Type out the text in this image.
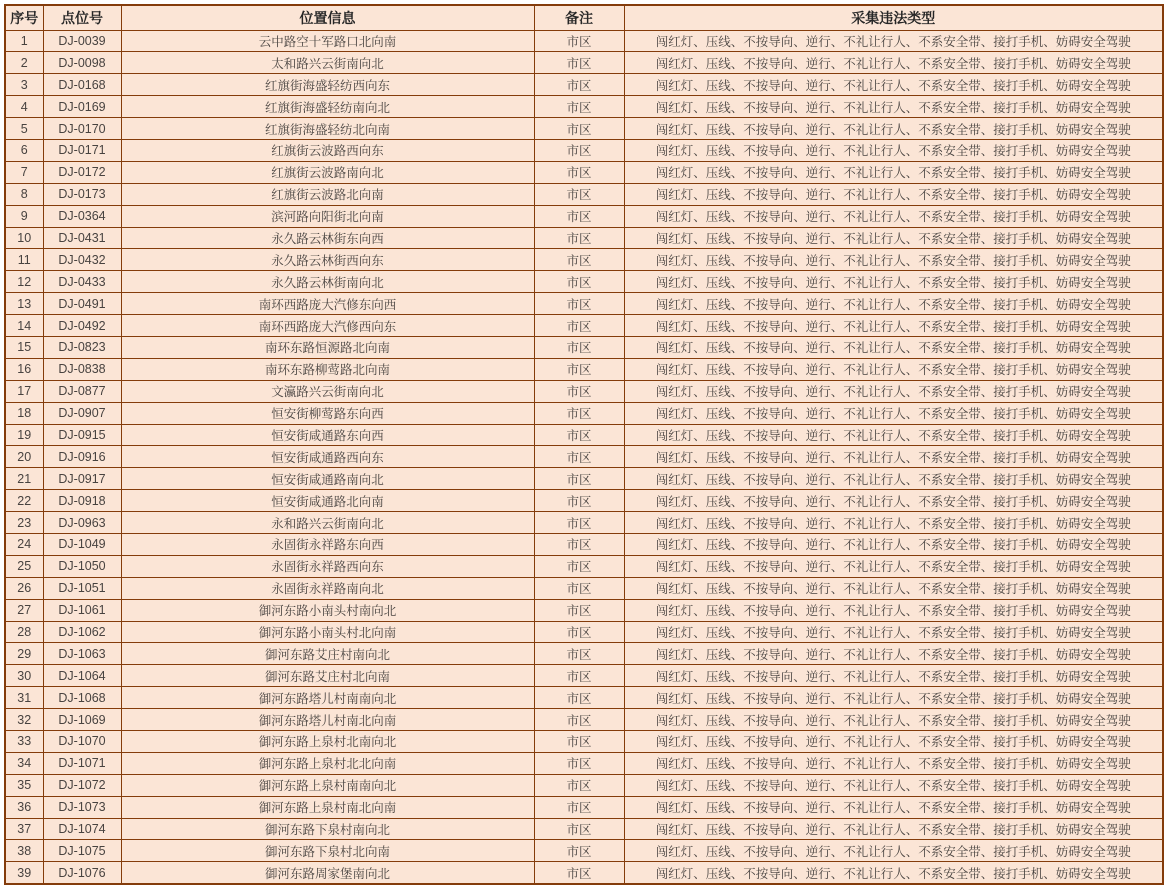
序号	点位号	位置信息	备注	采集违法类型
1	DJ-0039	云中路空十军路口北向南	市区	闯红灯、压线、不按导向、逆行、不礼让行人、不系安全带、接打手机、妨碍安全驾驶
2	DJ-0098	太和路兴云街南向北	市区	闯红灯、压线、不按导向、逆行、不礼让行人、不系安全带、接打手机、妨碍安全驾驶
3	DJ-0168	红旗街海盛轻纺西向东	市区	闯红灯、压线、不按导向、逆行、不礼让行人、不系安全带、接打手机、妨碍安全驾驶
4	DJ-0169	红旗街海盛轻纺南向北	市区	闯红灯、压线、不按导向、逆行、不礼让行人、不系安全带、接打手机、妨碍安全驾驶
5	DJ-0170	红旗街海盛轻纺北向南	市区	闯红灯、压线、不按导向、逆行、不礼让行人、不系安全带、接打手机、妨碍安全驾驶
6	DJ-0171	红旗街云波路西向东	市区	闯红灯、压线、不按导向、逆行、不礼让行人、不系安全带、接打手机、妨碍安全驾驶
7	DJ-0172	红旗街云波路南向北	市区	闯红灯、压线、不按导向、逆行、不礼让行人、不系安全带、接打手机、妨碍安全驾驶
8	DJ-0173	红旗街云波路北向南	市区	闯红灯、压线、不按导向、逆行、不礼让行人、不系安全带、接打手机、妨碍安全驾驶
9	DJ-0364	滨河路向阳街北向南	市区	闯红灯、压线、不按导向、逆行、不礼让行人、不系安全带、接打手机、妨碍安全驾驶
10	DJ-0431	永久路云林街东向西	市区	闯红灯、压线、不按导向、逆行、不礼让行人、不系安全带、接打手机、妨碍安全驾驶
11	DJ-0432	永久路云林街西向东	市区	闯红灯、压线、不按导向、逆行、不礼让行人、不系安全带、接打手机、妨碍安全驾驶
12	DJ-0433	永久路云林街南向北	市区	闯红灯、压线、不按导向、逆行、不礼让行人、不系安全带、接打手机、妨碍安全驾驶
13	DJ-0491	南环西路庞大汽修东向西	市区	闯红灯、压线、不按导向、逆行、不礼让行人、不系安全带、接打手机、妨碍安全驾驶
14	DJ-0492	南环西路庞大汽修西向东	市区	闯红灯、压线、不按导向、逆行、不礼让行人、不系安全带、接打手机、妨碍安全驾驶
15	DJ-0823	南环东路恒源路北向南	市区	闯红灯、压线、不按导向、逆行、不礼让行人、不系安全带、接打手机、妨碍安全驾驶
16	DJ-0838	南环东路柳莺路北向南	市区	闯红灯、压线、不按导向、逆行、不礼让行人、不系安全带、接打手机、妨碍安全驾驶
17	DJ-0877	文瀛路兴云街南向北	市区	闯红灯、压线、不按导向、逆行、不礼让行人、不系安全带、接打手机、妨碍安全驾驶
18	DJ-0907	恒安街柳莺路东向西	市区	闯红灯、压线、不按导向、逆行、不礼让行人、不系安全带、接打手机、妨碍安全驾驶
19	DJ-0915	恒安街咸通路东向西	市区	闯红灯、压线、不按导向、逆行、不礼让行人、不系安全带、接打手机、妨碍安全驾驶
20	DJ-0916	恒安街咸通路西向东	市区	闯红灯、压线、不按导向、逆行、不礼让行人、不系安全带、接打手机、妨碍安全驾驶
21	DJ-0917	恒安街咸通路南向北	市区	闯红灯、压线、不按导向、逆行、不礼让行人、不系安全带、接打手机、妨碍安全驾驶
22	DJ-0918	恒安街咸通路北向南	市区	闯红灯、压线、不按导向、逆行、不礼让行人、不系安全带、接打手机、妨碍安全驾驶
23	DJ-0963	永和路兴云街南向北	市区	闯红灯、压线、不按导向、逆行、不礼让行人、不系安全带、接打手机、妨碍安全驾驶
24	DJ-1049	永固街永祥路东向西	市区	闯红灯、压线、不按导向、逆行、不礼让行人、不系安全带、接打手机、妨碍安全驾驶
25	DJ-1050	永固街永祥路西向东	市区	闯红灯、压线、不按导向、逆行、不礼让行人、不系安全带、接打手机、妨碍安全驾驶
26	DJ-1051	永固街永祥路南向北	市区	闯红灯、压线、不按导向、逆行、不礼让行人、不系安全带、接打手机、妨碍安全驾驶
27	DJ-1061	御河东路小南头村南向北	市区	闯红灯、压线、不按导向、逆行、不礼让行人、不系安全带、接打手机、妨碍安全驾驶
28	DJ-1062	御河东路小南头村北向南	市区	闯红灯、压线、不按导向、逆行、不礼让行人、不系安全带、接打手机、妨碍安全驾驶
29	DJ-1063	御河东路艾庄村南向北	市区	闯红灯、压线、不按导向、逆行、不礼让行人、不系安全带、接打手机、妨碍安全驾驶
30	DJ-1064	御河东路艾庄村北向南	市区	闯红灯、压线、不按导向、逆行、不礼让行人、不系安全带、接打手机、妨碍安全驾驶
31	DJ-1068	御河东路塔儿村南南向北	市区	闯红灯、压线、不按导向、逆行、不礼让行人、不系安全带、接打手机、妨碍安全驾驶
32	DJ-1069	御河东路塔儿村南北向南	市区	闯红灯、压线、不按导向、逆行、不礼让行人、不系安全带、接打手机、妨碍安全驾驶
33	DJ-1070	御河东路上泉村北南向北	市区	闯红灯、压线、不按导向、逆行、不礼让行人、不系安全带、接打手机、妨碍安全驾驶
34	DJ-1071	御河东路上泉村北北向南	市区	闯红灯、压线、不按导向、逆行、不礼让行人、不系安全带、接打手机、妨碍安全驾驶
35	DJ-1072	御河东路上泉村南南向北	市区	闯红灯、压线、不按导向、逆行、不礼让行人、不系安全带、接打手机、妨碍安全驾驶
36	DJ-1073	御河东路上泉村南北向南	市区	闯红灯、压线、不按导向、逆行、不礼让行人、不系安全带、接打手机、妨碍安全驾驶
37	DJ-1074	御河东路下泉村南向北	市区	闯红灯、压线、不按导向、逆行、不礼让行人、不系安全带、接打手机、妨碍安全驾驶
38	DJ-1075	御河东路下泉村北向南	市区	闯红灯、压线、不按导向、逆行、不礼让行人、不系安全带、接打手机、妨碍安全驾驶
39	DJ-1076	御河东路周家堡南向北	市区	闯红灯、压线、不按导向、逆行、不礼让行人、不系安全带、接打手机、妨碍安全驾驶
